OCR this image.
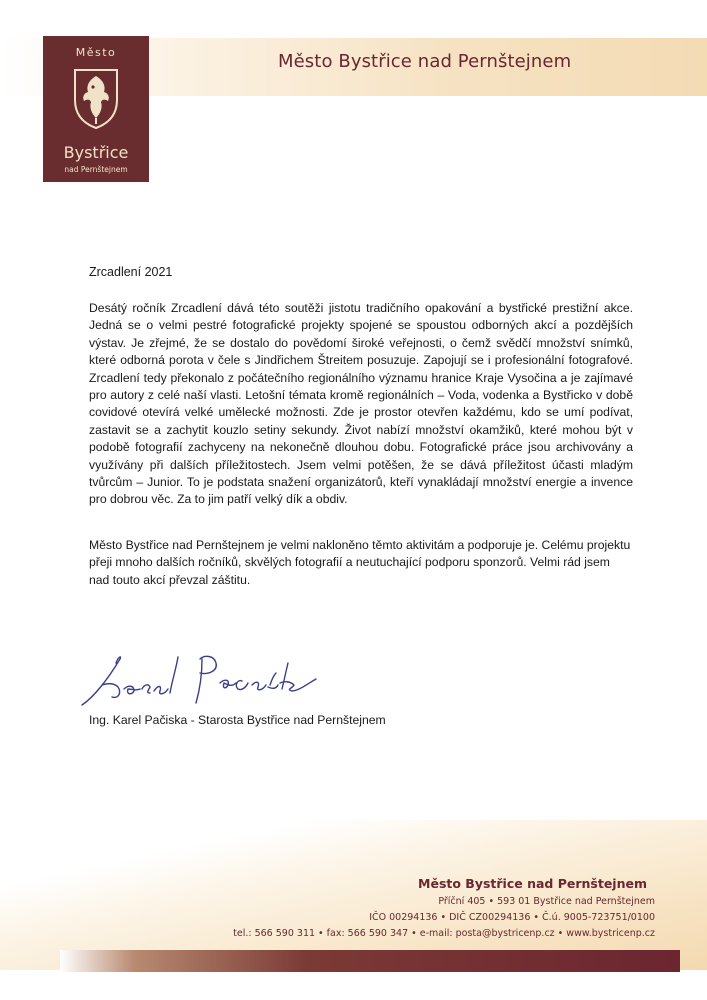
Město Bystřice nad Pernštejnem
Město
Bystřice
nad Pernštejnem
Zrcadlení 2021
Desátý ročník Zrcadlení dává této soutěži jistotu tradičního opakování a bystřické prestižní akce. Jedná se o velmi pestré fotografické projekty spojené se spoustou odborných akcí a pozdějších výstav. Je zřejmé, že se dostalo do povědomí široké veřejnosti, o čemž svědčí množství snímků, které odborná porota v čele s Jindřichem Štreitem posuzuje. Zapojují se i profesionální fotografové. Zrcadlení tedy překonalo z počátečního regionálního významu hranice Kraje Vysočina a je zajímavé pro autory z celé naší vlasti. Letošní témata kromě regionálních – Voda, vodenka a Bystřicko v době covidové otevírá velké umělecké možnosti. Zde je prostor otevřen každému, kdo se umí podívat, zastavit se a zachytit kouzlo setiny sekundy. Život nabízí množství okamžiků, které mohou být v podobě fotografií zachyceny na nekonečně dlouhou dobu. Fotografické práce jsou archivovány a využívány při dalších příležitostech. Jsem velmi potěšen, že se dává příležitost účasti mladým tvůrcům – Junior. To je podstata snažení organizátorů, kteří vynakládají množství energie a invence pro dobrou věc. Za to jim patří velký dík a obdiv.
Město Bystřice nad Pernštejnem je velmi nakloněno těmto aktivitám a podporuje je. Celému projektu přeji mnoho dalších ročníků, skvělých fotografií a neutuchající podporu sponzorů. Velmi rád jsem nad touto akcí převzal záštitu.
Ing. Karel Pačiska - Starosta Bystřice nad Pernštejnem
Město Bystřice nad Pernštejnem
Příční 405 • 593 01 Bystřice nad Pernštejnem
IČO 00294136 • DIČ CZ00294136 • Č.ú. 9005-723751/0100
tel.: 566 590 311 • fax: 566 590 347 • e-mail: posta@bystricenp.cz • www.bystricenp.cz
